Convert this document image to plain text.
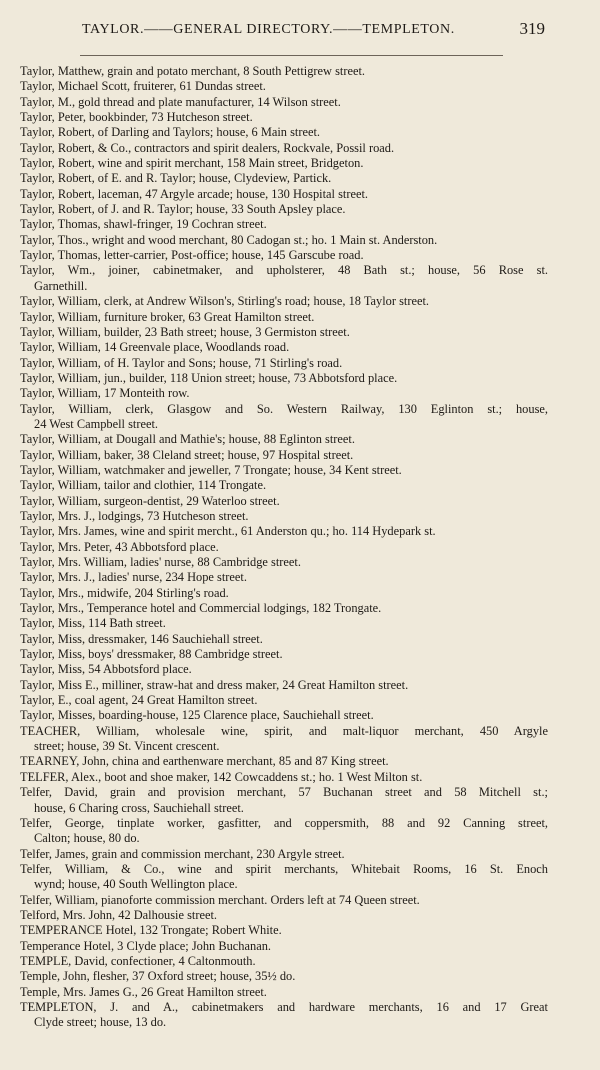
TAYLOR.——GENERAL DIRECTORY.——TEMPLETON.	319
Taylor, Matthew, grain and potato merchant, 8 South Pettigrew street.
Taylor, Michael Scott, fruiterer, 61 Dundas street.
Taylor, M., gold thread and plate manufacturer, 14 Wilson street.
Taylor, Peter, bookbinder, 73 Hutcheson street.
Taylor, Robert, of Darling and Taylors; house, 6 Main street.
Taylor, Robert, & Co., contractors and spirit dealers, Rockvale, Possil road.
Taylor, Robert, wine and spirit merchant, 158 Main street, Bridgeton.
Taylor, Robert, of E. and R. Taylor; house, Clydeview, Partick.
Taylor, Robert, laceman, 47 Argyle arcade; house, 130 Hospital street.
Taylor, Robert, of J. and R. Taylor; house, 33 South Apsley place.
Taylor, Thomas, shawl-fringer, 19 Cochran street.
Taylor, Thos., wright and wood merchant, 80 Cadogan st.; ho. 1 Main st. Anderston.
Taylor, Thomas, letter-carrier, Post-office; house, 145 Garscube road.
Taylor, Wm., joiner, cabinetmaker, and upholsterer, 48 Bath st.; house, 56 Rose st.
Garnethill.
Taylor, William, clerk, at Andrew Wilson's, Stirling's road; house, 18 Taylor street.
Taylor, William, furniture broker, 63 Great Hamilton street.
Taylor, William, builder, 23 Bath street; house, 3 Germiston street.
Taylor, William, 14 Greenvale place, Woodlands road.
Taylor, William, of H. Taylor and Sons; house, 71 Stirling's road.
Taylor, William, jun., builder, 118 Union street; house, 73 Abbotsford place.
Taylor, William, 17 Monteith row.
Taylor, William, clerk, Glasgow and So. Western Railway, 130 Eglinton st.; house,
24 West Campbell street.
Taylor, William, at Dougall and Mathie's; house, 88 Eglinton street.
Taylor, William, baker, 38 Cleland street; house, 97 Hospital street.
Taylor, William, watchmaker and jeweller, 7 Trongate; house, 34 Kent street.
Taylor, William, tailor and clothier, 114 Trongate.
Taylor, William, surgeon-dentist, 29 Waterloo street.
Taylor, Mrs. J., lodgings, 73 Hutcheson street.
Taylor, Mrs. James, wine and spirit mercht., 61 Anderston qu.; ho. 114 Hydepark st.
Taylor, Mrs. Peter, 43 Abbotsford place.
Taylor, Mrs. William, ladies' nurse, 88 Cambridge street.
Taylor, Mrs. J., ladies' nurse, 234 Hope street.
Taylor, Mrs., midwife, 204 Stirling's road.
Taylor, Mrs., Temperance hotel and Commercial lodgings, 182 Trongate.
Taylor, Miss, 114 Bath street.
Taylor, Miss, dressmaker, 146 Sauchiehall street.
Taylor, Miss, boys' dressmaker, 88 Cambridge street.
Taylor, Miss, 54 Abbotsford place.
Taylor, Miss E., milliner, straw-hat and dress maker, 24 Great Hamilton street.
Taylor, E., coal agent, 24 Great Hamilton street.
Taylor, Misses, boarding-house, 125 Clarence place, Sauchiehall street.
TEACHER, William, wholesale wine, spirit, and malt-liquor merchant, 450 Argyle
street; house, 39 St. Vincent crescent.
TEARNEY, John, china and earthenware merchant, 85 and 87 King street.
TELFER, Alex., boot and shoe maker, 142 Cowcaddens st.; ho. 1 West Milton st.
Telfer, David, grain and provision merchant, 57 Buchanan street and 58 Mitchell st.;
house, 6 Charing cross, Sauchiehall street.
Telfer, George, tinplate worker, gasfitter, and coppersmith, 88 and 92 Canning street,
Calton; house, 80 do.
Telfer, James, grain and commission merchant, 230 Argyle street.
Telfer, William, & Co., wine and spirit merchants, Whitebait Rooms, 16 St. Enoch
wynd; house, 40 South Wellington place.
Telfer, William, pianoforte commission merchant. Orders left at 74 Queen street.
Telford, Mrs. John, 42 Dalhousie street.
TEMPERANCE Hotel, 132 Trongate; Robert White.
Temperance Hotel, 3 Clyde place; John Buchanan.
TEMPLE, David, confectioner, 4 Caltonmouth.
Temple, John, flesher, 37 Oxford street; house, 35½ do.
Temple, Mrs. James G., 26 Great Hamilton street.
TEMPLETON, J. and A., cabinetmakers and hardware merchants, 16 and 17 Great
Clyde street; house, 13 do.
